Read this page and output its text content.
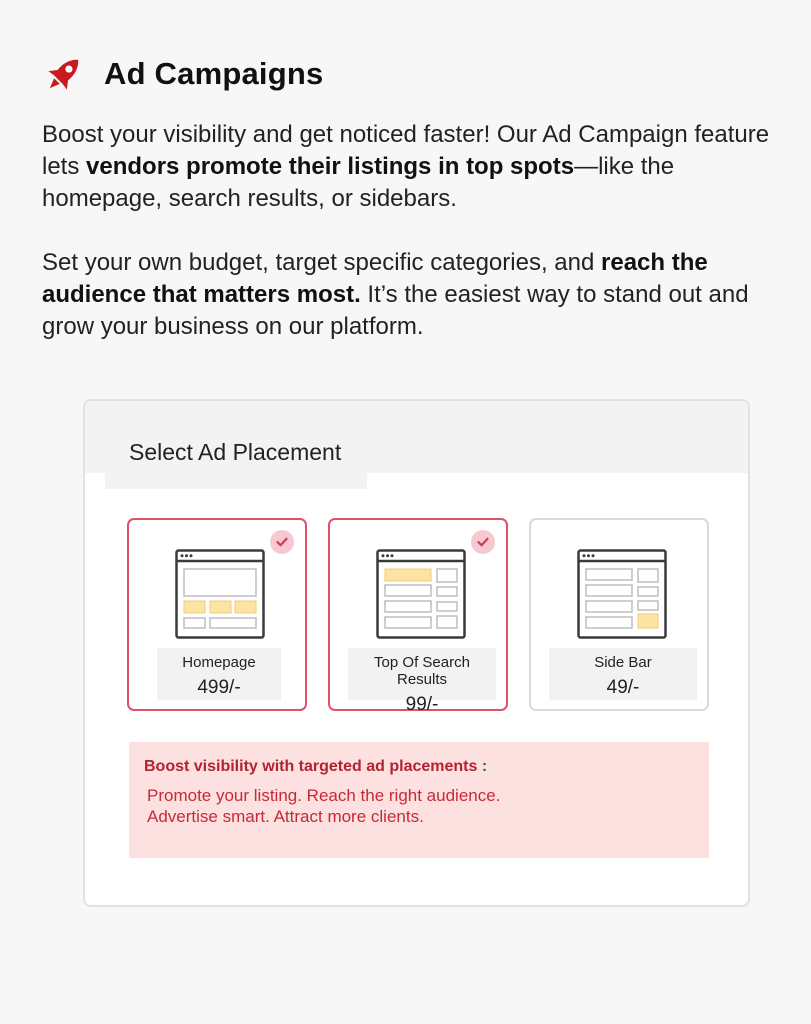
Ad Campaigns

Boost your visibility and get noticed faster! Our Ad Campaign feature lets vendors promote their listings in top spots—like the homepage, search results, or sidebars.

Set your own budget, target specific categories, and reach the audience that matters most. It’s the easiest way to stand out and grow your business on our platform.

Select Ad Placement
Homepage
499/-
Top Of Search Results
99/-
Side Bar
49/-
Boost visibility with targeted ad placements :
Promote your listing. Reach the right audience.
Advertise smart. Attract more clients.
